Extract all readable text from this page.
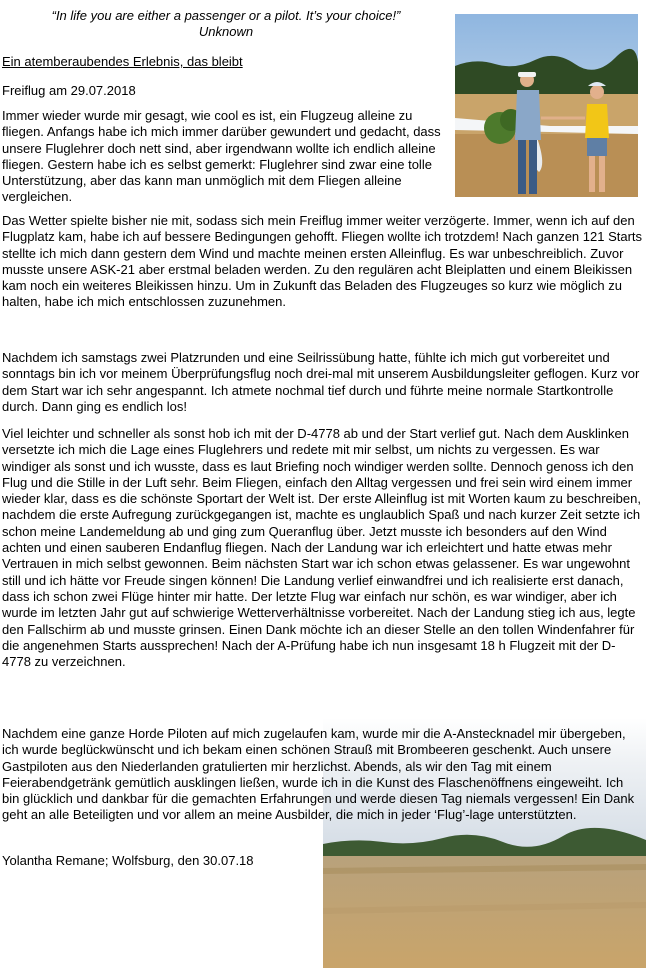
“In life you are either a passenger or a pilot. It’s your choice!”
Unknown
Ein atemberaubendes Erlebnis, das bleibt
Freiflug am 29.07.2018

Immer wieder wurde mir gesagt, wie cool es ist, ein Flugzeug alleine zu fliegen. Anfangs habe ich mich immer darüber gewundert und gedacht, dass unsere Fluglehrer doch nett sind, aber irgendwann wollte ich endlich alleine fliegen. Gestern habe ich es selbst gemerkt: Fluglehrer sind zwar eine tolle Unterstützung, aber das kann man unmöglich mit dem Fliegen alleine vergleichen.

Das Wetter spielte bisher nie mit, sodass sich mein Freiflug immer weiter verzögerte. Immer, wenn ich auf den Flugplatz kam, habe ich auf bessere Bedingungen gehofft. Fliegen wollte ich trotzdem! Nach ganzen 121 Starts stellte ich mich dann gestern dem Wind und machte meinen ersten Alleinflug. Es war unbeschreiblich. Zuvor musste unsere ASK-21 aber erstmal beladen werden. Zu den regulären acht Bleiplatten und einem Bleikissen kam noch ein weiteres Bleikissen hinzu. Um in Zukunft das Beladen des Flugzeuges so kurz wie möglich zu halten, habe ich mich entschlossen zuzunehmen.

Nachdem ich samstags zwei Platzrunden und eine Seilrissübung hatte, fühlte ich mich gut vorbereitet und sonntags bin ich vor meinem Überprüfungsflug noch drei-mal mit unserem Ausbildungsleiter geflogen. Kurz vor dem Start war ich sehr angespannt. Ich atmete nochmal tief durch und führte meine normale Startkontrolle durch. Dann ging es endlich los!

Viel leichter und schneller als sonst hob ich mit der D-4778 ab und der Start verlief gut. Nach dem Ausklinken versetzte ich mich die Lage eines Fluglehrers und redete mit mir selbst, um nichts zu vergessen. Es war windiger als sonst und ich wusste, dass es laut Briefing noch windiger werden sollte. Dennoch genoss ich den Flug und die Stille in der Luft sehr. Beim Fliegen, einfach den Alltag vergessen und frei sein wird einem immer wieder klar, dass es die schönste Sportart der Welt ist. Der erste Alleinflug ist mit Worten kaum zu beschreiben, nachdem die erste Aufregung zurückgegangen ist, machte es unglaublich Spaß und nach kurzer Zeit setzte ich schon meine Landemeldung ab und ging zum Queranflug über. Jetzt musste ich besonders auf den Wind achten und einen sauberen Endanflug fliegen. Nach der Landung war ich erleichtert und hatte etwas mehr Vertrauen in mich selbst gewonnen. Beim nächsten Start war ich schon etwas gelassener. Es war ungewohnt still und ich hätte vor Freude singen können! Die Landung verlief einwandfrei und ich realisierte erst danach, dass ich schon zwei Flüge hinter mir hatte. Der letzte Flug war einfach nur schön, es war windiger, aber ich wurde im letzten Jahr gut auf schwierige Wetterverhältnisse vorbereitet. Nach der Landung stieg ich aus, legte den Fallschirm ab und musste grinsen. Einen Dank möchte ich an dieser Stelle an den tollen Windenfahrer für die angenehmen Starts aussprechen! Nach der A-Prüfung habe ich nun insgesamt 18 h Flugzeit mit der D-4778 zu verzeichnen.

Nachdem eine ganze Horde Piloten auf mich zugelaufen kam, wurde mir die A-Anstecknadel mir übergeben, ich wurde beglückwünscht und ich bekam einen schönen Strauß mit Brombeeren geschenkt. Auch unsere Gastpiloten aus den Niederlanden gratulierten mir herzlichst. Abends, als wir den Tag mit einem Feierabendgetränk gemütlich ausklingen ließen, wurde ich in die Kunst des Flaschenöffnens eingeweiht. Ich bin glücklich und dankbar für die gemachten Erfahrungen und werde diesen Tag niemals vergessen! Ein Dank geht an alle Beteiligten und vor allem an meine Ausbilder, die mich in jeder ‘Flug’-lage unterstützten.

Yolantha Remane; Wolfsburg, den 30.07.18
